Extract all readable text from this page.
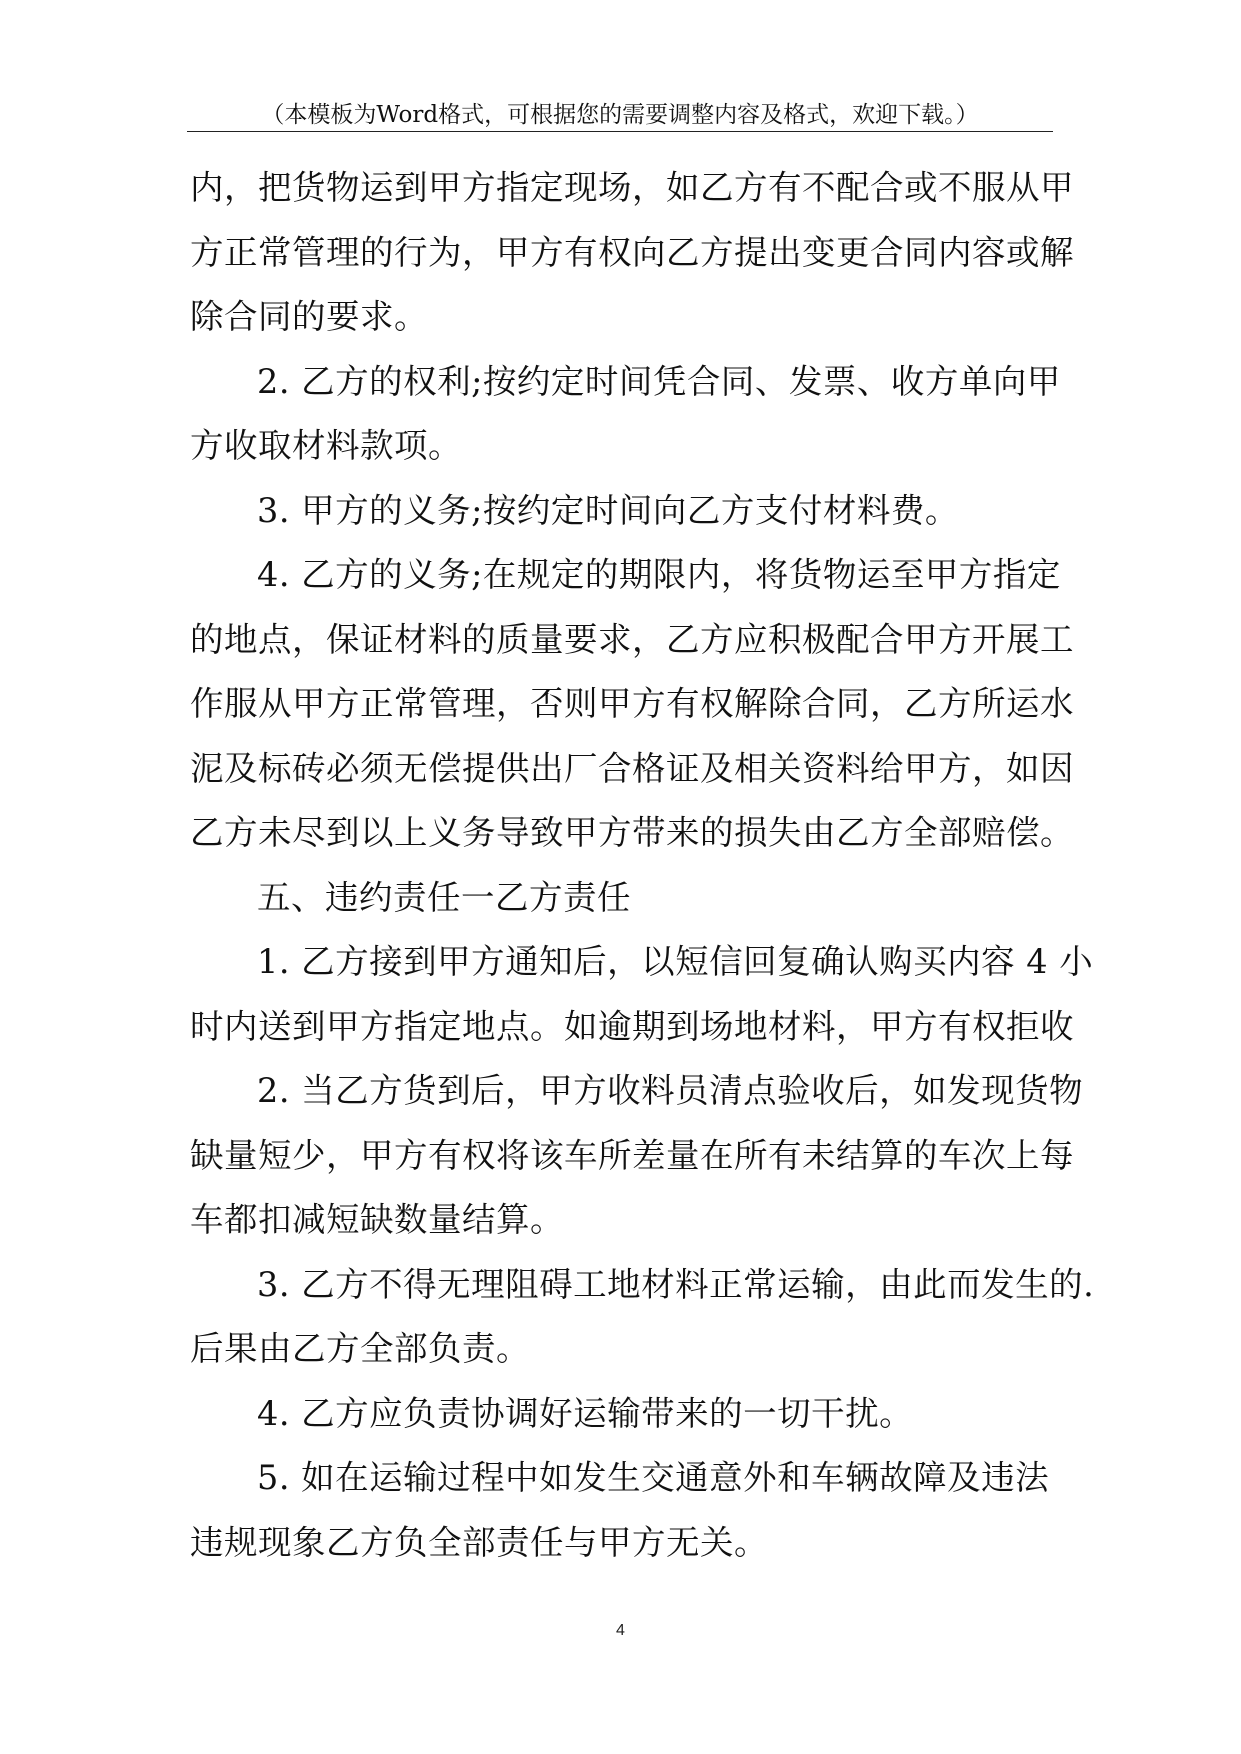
（本模板为Word格式，可根据您的需要调整内容及格式，欢迎下载。）
内，把货物运到甲方指定现场，如乙方有不配合或不服从甲
方正常管理的行为，甲方有权向乙方提出变更合同内容或解
除合同的要求。
2. 乙方的权利;按约定时间凭合同、发票、收方单向甲
方收取材料款项。
3. 甲方的义务;按约定时间向乙方支付材料费。
4. 乙方的义务;在规定的期限内，将货物运至甲方指定
的地点，保证材料的质量要求，乙方应积极配合甲方开展工
作服从甲方正常管理，否则甲方有权解除合同，乙方所运水
泥及标砖必须无偿提供出厂合格证及相关资料给甲方，如因
乙方未尽到以上义务导致甲方带来的损失由乙方全部赔偿。
五、违约责任一乙方责任
1. 乙方接到甲方通知后，以短信回复确认购买内容 4 小
时内送到甲方指定地点。如逾期到场地材料，甲方有权拒收
2. 当乙方货到后，甲方收料员清点验收后，如发现货物
缺量短少，甲方有权将该车所差量在所有未结算的车次上每
车都扣减短缺数量结算。
3. 乙方不得无理阻碍工地材料正常运输，由此而发生的.
后果由乙方全部负责。
4. 乙方应负责协调好运输带来的一切干扰。
5. 如在运输过程中如发生交通意外和车辆故障及违法
违规现象乙方负全部责任与甲方无关。
4
